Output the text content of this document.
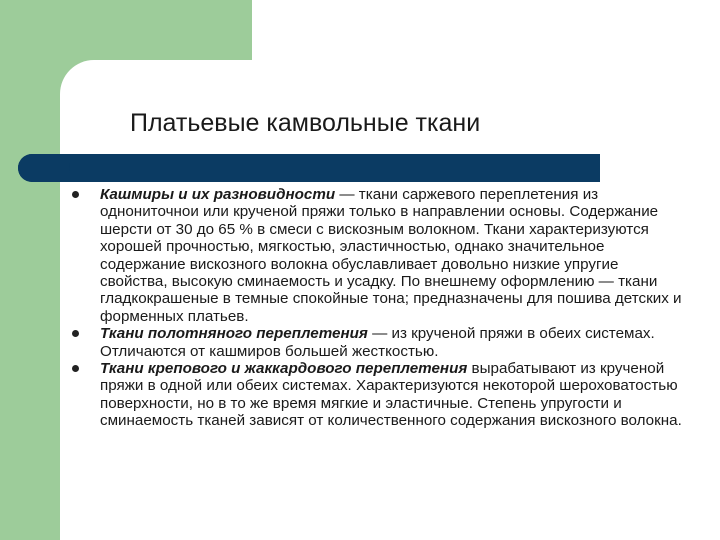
Платьевые камвольные ткани
Кашмиры и их разновидности — ткани саржевого переплетения из однониточнои или крученой пряжи только в направлении основы. Содержание шерсти от 30 до 65 % в смеси с вискозным волокном. Ткани характеризуются хорошей прочностью, мягкостью, эластичностью, однако значительное содержание вискозного волокна обуславливает довольно низкие упругие свойства, высокую сминаемость и усадку. По внешнему оформлению — ткани гладкокрашеные в темные спокойные тона; предназначены для пошива детских и форменных платьев.
Ткани полотняного переплетения — из крученой пряжи в обеих системах. Отличаются от кашмиров большей жесткостью.
Ткани крепового и жаккардового переплетения вырабатывают из крученой пряжи в одной или обеих системах. Характеризуются некоторой шероховатостью поверхности, но в то же время мягкие и эластичные. Степень упругости и сминаемость тканей зависят от количественного содержания вискозного волокна.
